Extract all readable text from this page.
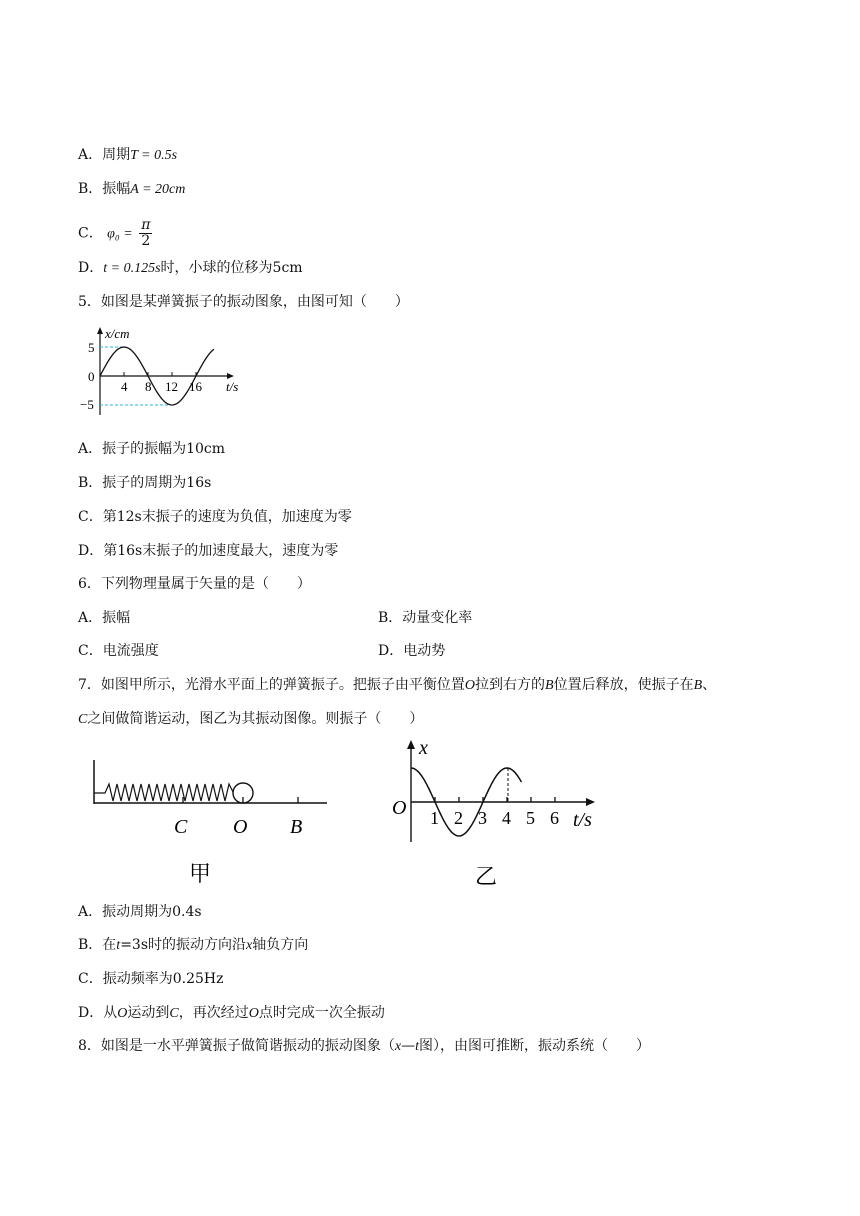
A．周期T = 0.5s
B．振幅A = 20cm
C． $\varphi_0 = \frac{\pi}{2}$
D．t = 0.125s时，小球的位移为5cm
5．如图是某弹簧振子的振动图象，由图可知（　　）
x/cm
t/s
0
5
−5
4 8 12 16
A．振子的振幅为10cm
B．振子的周期为16s
C．第12s末振子的速度为负值，加速度为零
D．第16s末振子的加速度最大，速度为零
6．下列物理量属于矢量的是（　　）
A．振幅	B．动量变化率
C．电流强度	D．电动势
7．如图甲所示，光滑水平面上的弹簧振子。把振子由平衡位置O拉到右方的B位置后释放，使振子在B、
C之间做简谐运动，图乙为其振动图像。则振子（　　）
C O B
甲
x
O
t/s
1 2 3 4 5 6
乙
A．振动周期为0.4s
B．在t=3s时的振动方向沿x轴负方向
C．振动频率为0.25Hz
D．从O运动到C，再次经过O点时完成一次全振动
8．如图是一水平弹簧振子做简谐振动的振动图象（x—t图），由图可推断，振动系统（　　）
